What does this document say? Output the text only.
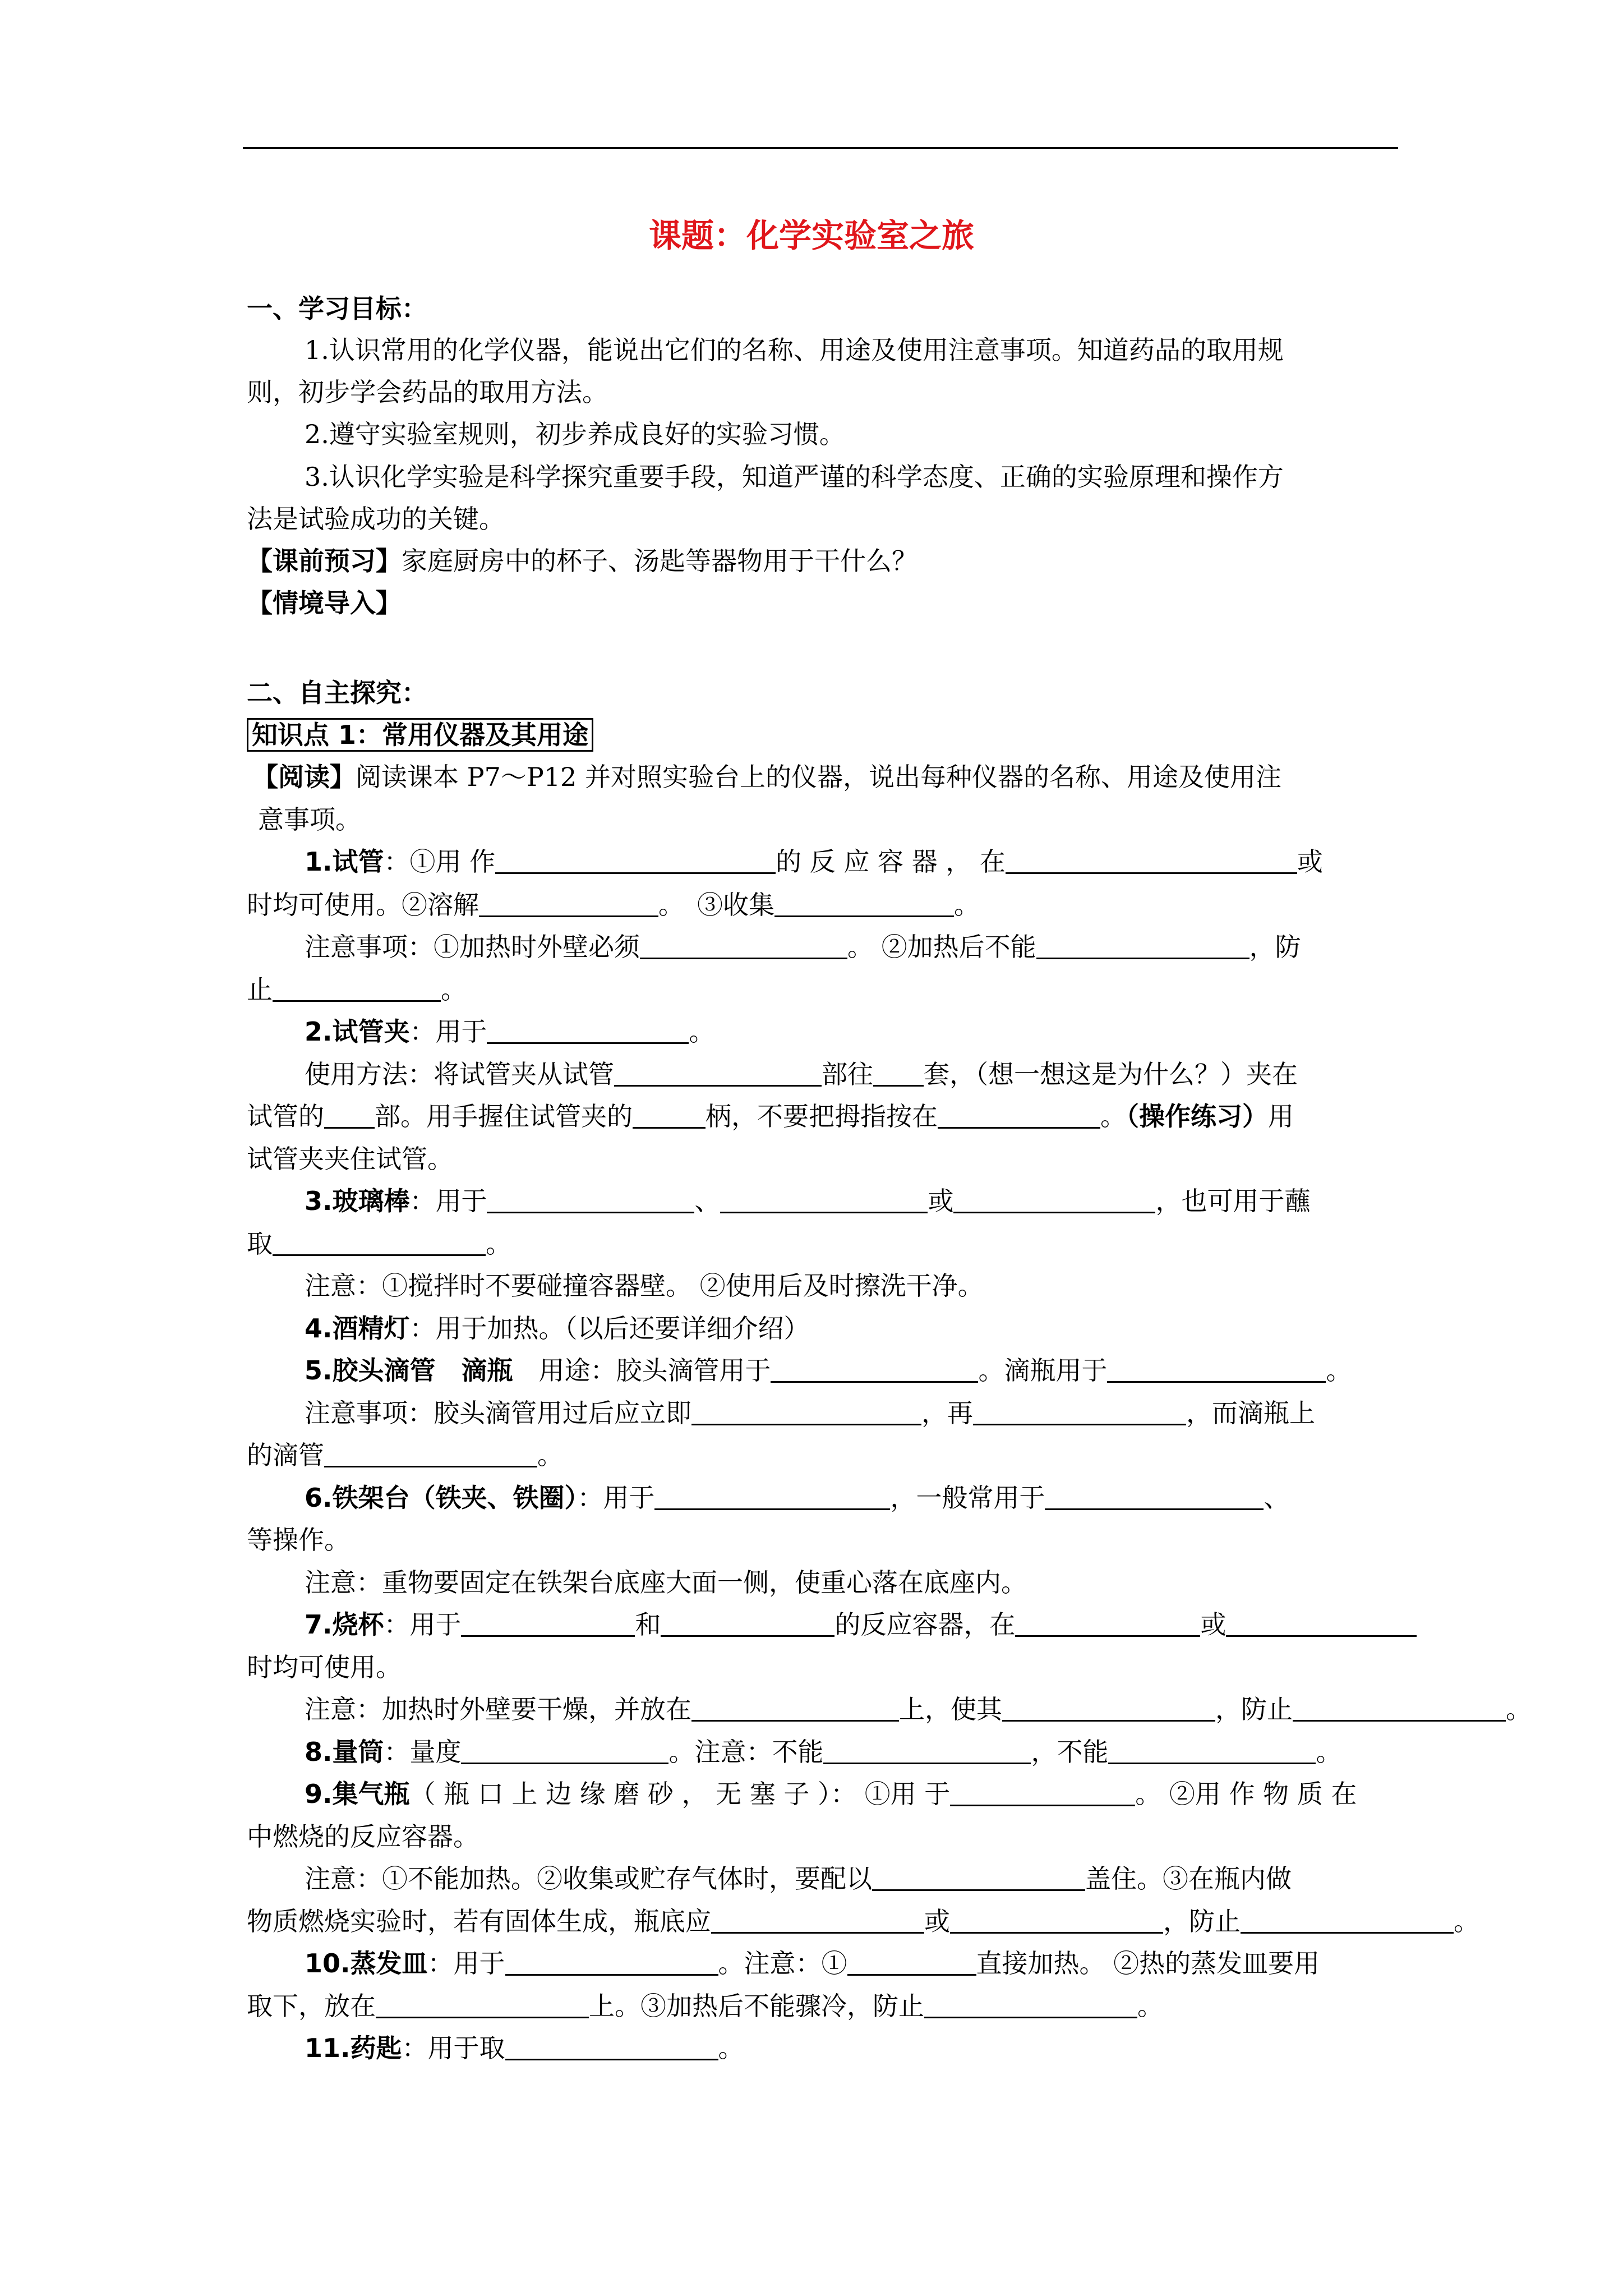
课题：化学实验室之旅
一、学习目标：
1.认识常用的化学仪器，能说出它们的名称、用途及使用注意事项。知道药品的取用规
则，初步学会药品的取用方法。
2.遵守实验室规则，初步养成良好的实验习惯。
3.认识化学实验是科学探究重要手段，知道严谨的科学态度、正确的实验原理和操作方
法是试验成功的关键。
【课前预习】家庭厨房中的杯子、汤匙等器物用于干什么？
【情境导入】
二、自主探究：
知识点 1：常用仪器及其用途
【阅读】阅读课本 P7～P12 并对照实验台上的仪器，说出每种仪器的名称、用途及使用注
意事项。
1.试管：①用 作	的 反 应 容 器 ， 在	或
时均可使用。②溶解	。　③收集	。
注意事项：①加热时外壁必须	。 ②加热后不能	，防
止	。
2.试管夹：用于	。
使用方法：将试管夹从试管	部往 套，（想一想这是为什么？）夹在
试管的 部。用手握住试管夹的	柄，不要把拇指按在	。（操作练习）用
试管夹夹住试管。
3.玻璃棒：用于	、	或	，也可用于蘸
取	。
注意：①搅拌时不要碰撞容器壁。 ②使用后及时擦洗干净。
4.酒精灯：用于加热。（以后还要详细介绍）
5.胶头滴管　滴瓶　用途：胶头滴管用于	。滴瓶用于	。
注意事项：胶头滴管用过后应立即	，再	，而滴瓶上
的滴管	。
6.铁架台（铁夹、铁圈）：用于	，一般常用于	、
等操作。
注意：重物要固定在铁架台底座大面一侧，使重心落在底座内。
7.烧杯：用于	和	的反应容器，在	或
时均可使用。
注意：加热时外壁要干燥，并放在	上，使其	，防止	。
8.量筒：量度	。注意：不能	，不能	。
9.集气瓶（ 瓶 口 上 边 缘 磨 砂 ， 无 塞 子 ）： ①用 于	。 ②用 作 物 质 在
中燃烧的反应容器。
注意：①不能加热。②收集或贮存气体时，要配以	盖住。③在瓶内做
物质燃烧实验时，若有固体生成，瓶底应	或	，防止	。
10.蒸发皿：用于	。注意：①	直接加热。 ②热的蒸发皿要用
取下，放在	上。③加热后不能骤冷，防止	。
11.药匙：用于取	。
